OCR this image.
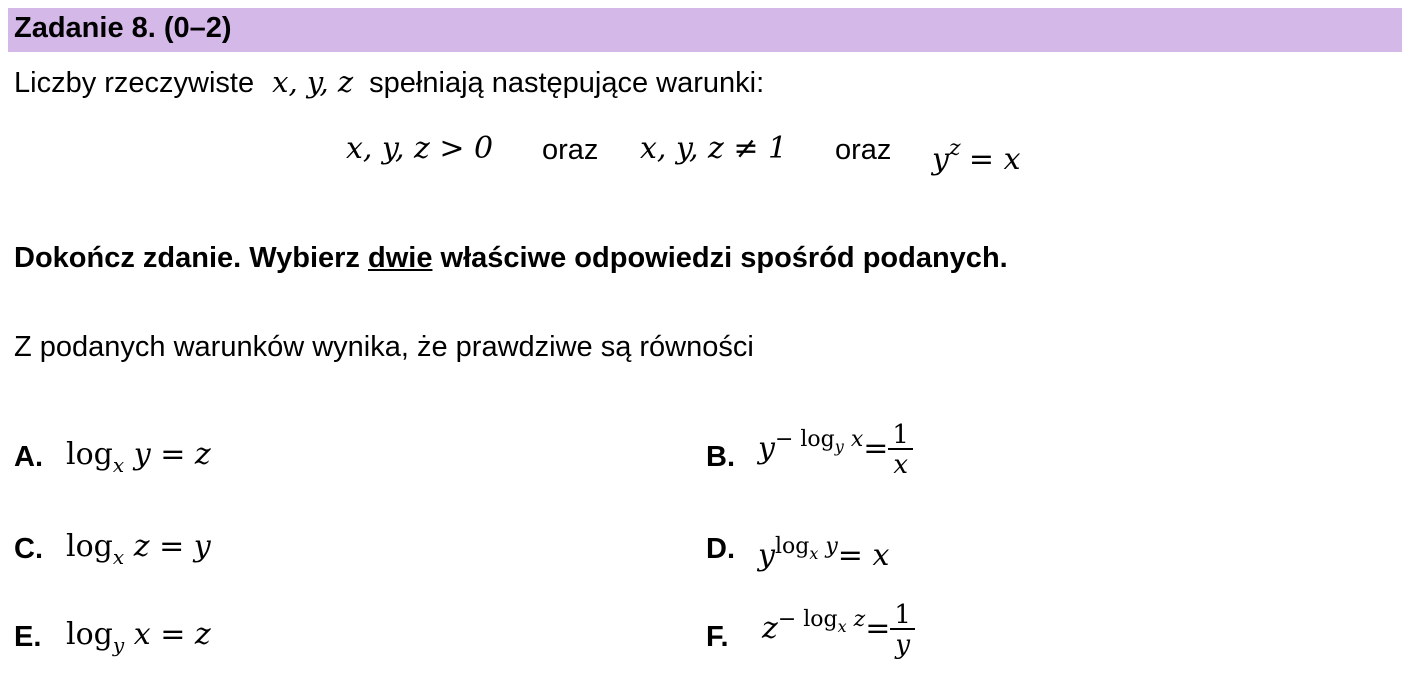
Zadanie 8. (0–2)
Liczby rzeczywiste x, y, z spełniają następujące warunki:
x, y, z > 0 oraz x, y, z ≠ 1 oraz $y^z = x$
Dokończ zdanie. Wybierz dwie właściwe odpowiedzi spośród podanych.
Z podanych warunków wynika, że prawdziwe są równości
A. $\log_x y = z$	B. $y^{- log_y x}= \frac{1}{x}$
C. $\log_x z = y$	D. $y^{log_x y}= x$
E. $\log_y x = z$	F. $z^{- log_x z}= \frac{1}{y}$
